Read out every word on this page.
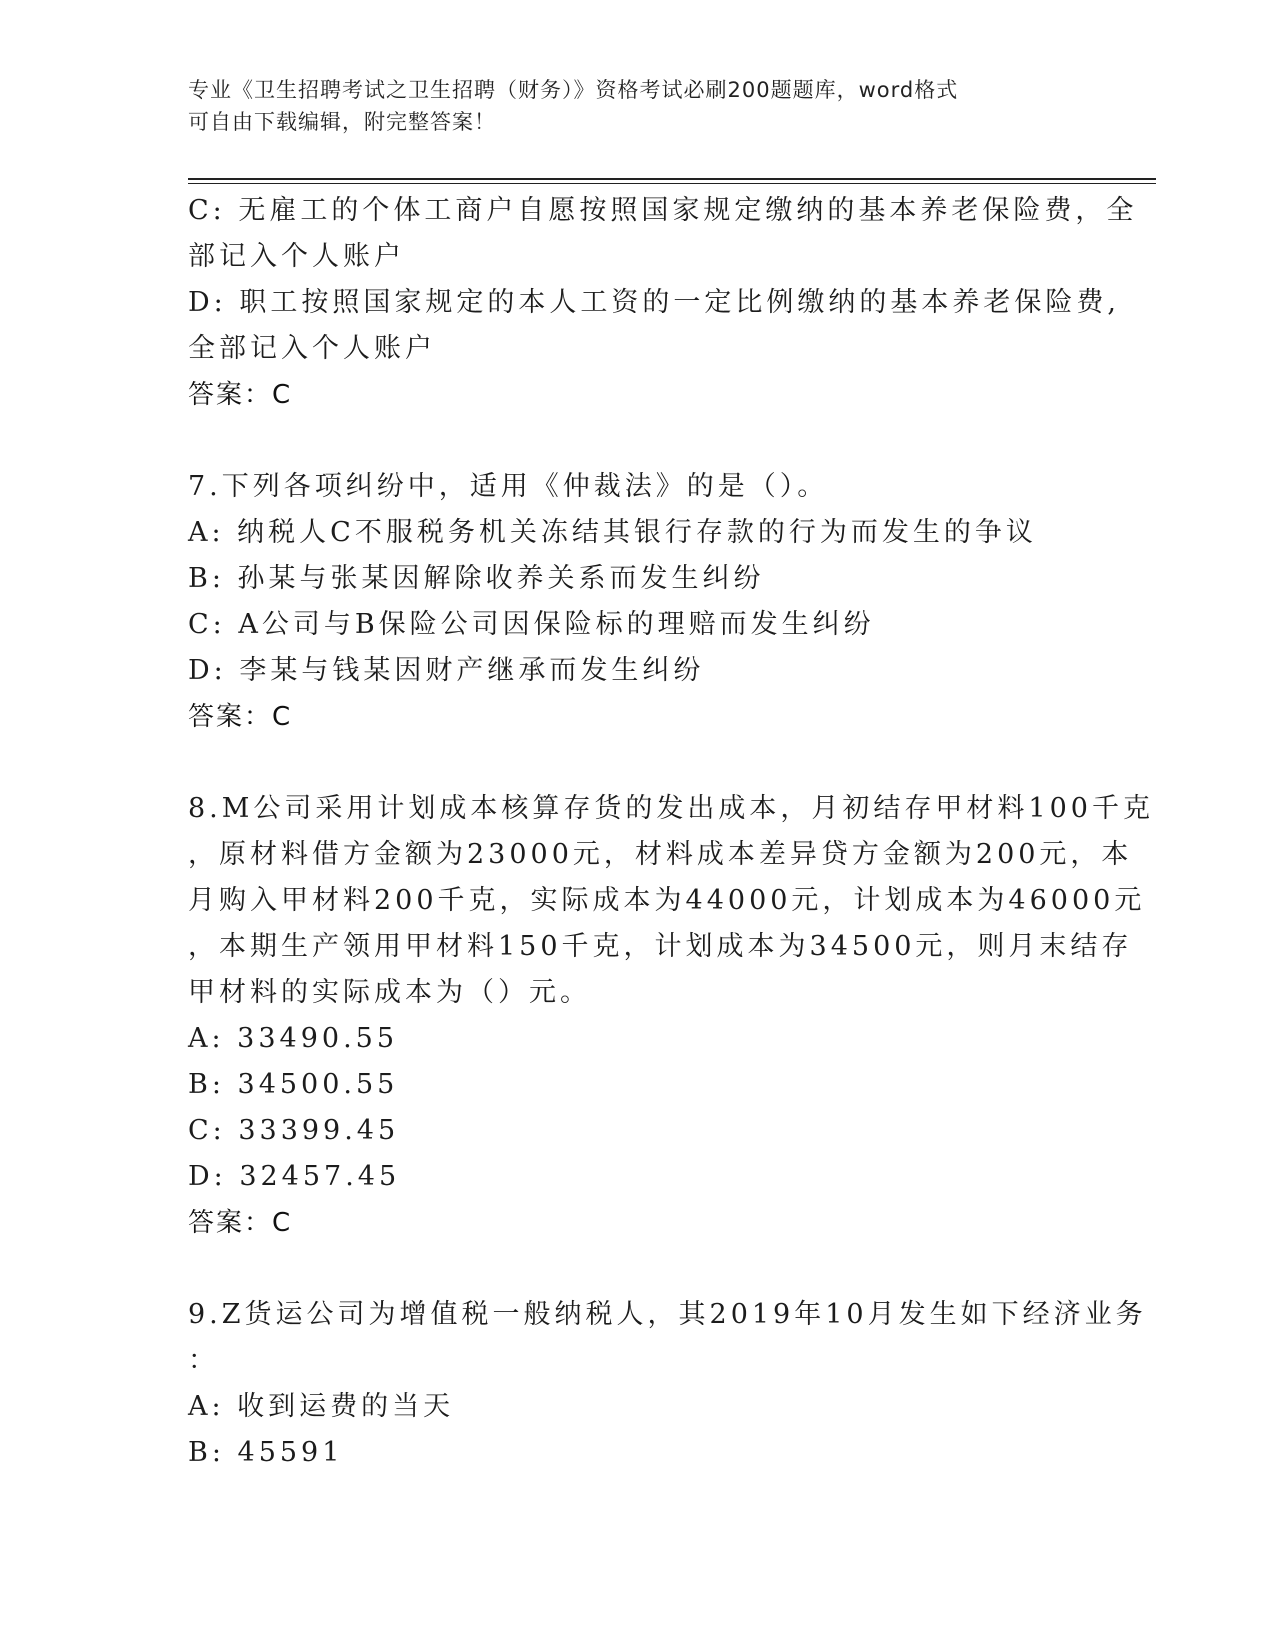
专业《卫生招聘考试之卫生招聘（财务）》资格考试必刷200题题库，word格式
可自由下载编辑，附完整答案！
C: 无雇工的个体工商户自愿按照国家规定缴纳的基本养老保险费，全
部记入个人账户
D: 职工按照国家规定的本人工资的一定比例缴纳的基本养老保险费,
全部记入个人账户
答案：C
7.下列各项纠纷中，适用《仲裁法》的是（）。
A: 纳税人C不服税务机关冻结其银行存款的行为而发生的争议
B: 孙某与张某因解除收养关系而发生纠纷
C: A公司与B保险公司因保险标的理赔而发生纠纷
D: 李某与钱某因财产继承而发生纠纷
答案：C
8.M公司采用计划成本核算存货的发出成本，月初结存甲材料100千克
，原材料借方金额为23000元，材料成本差异贷方金额为200元，本
月购入甲材料200千克，实际成本为44000元，计划成本为46000元
，本期生产领用甲材料150千克，计划成本为34500元，则月末结存
甲材料的实际成本为（）元。
A: 33490.55
B: 34500.55
C: 33399.45
D: 32457.45
答案：C
9.Z货运公司为增值税一般纳税人，其2019年10月发生如下经济业务
：
A: 收到运费的当天
B: 45591
